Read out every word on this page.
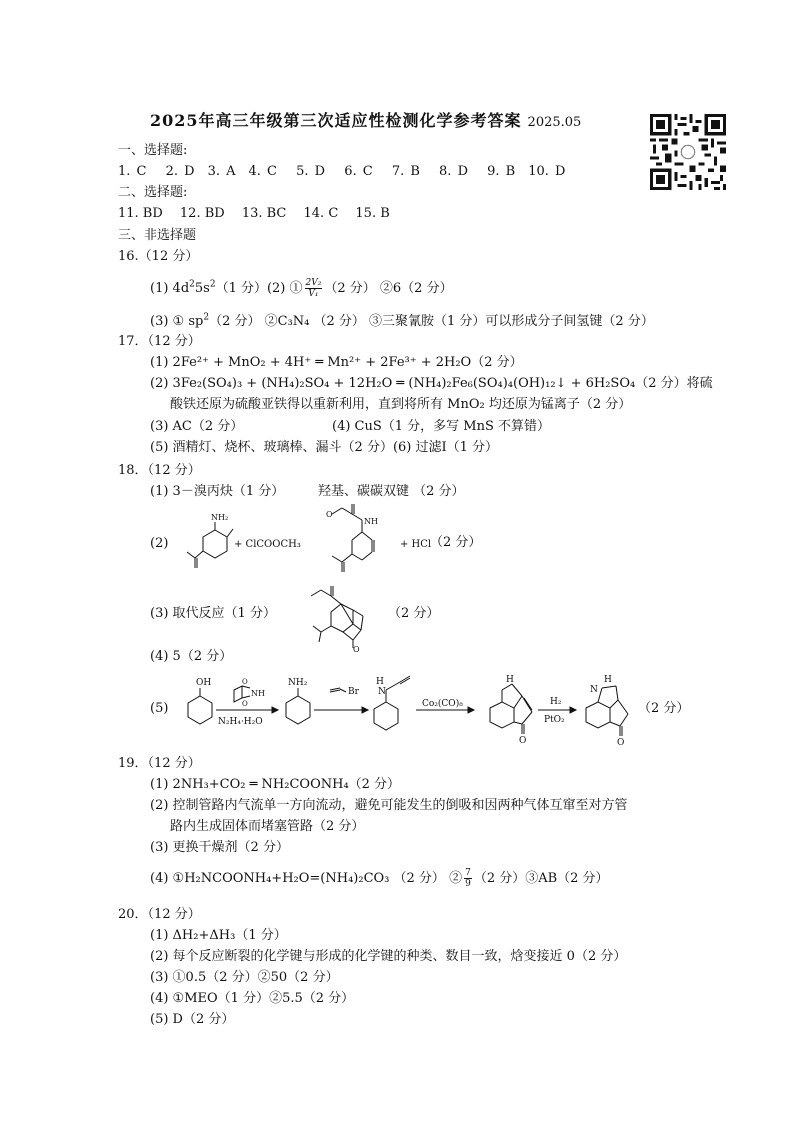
2025年高三年级第三次适应性检测化学参考答案 2025.05
一、选择题:
1. C　 2. D　3. A　4. C　 5. D　 6. C　 7. B　 8. D　 9. B　10. D
二、选择题:
11. BD　 12. BD　 13. BC　 14. C　 15. B
三、非选择题
16.（12 分）
(1) $4d^25s^2(1$ 分）(2) ① $\frac{\text{2V₂}}{\text{V₁}} (2$ 分） ②6（2 分）
(3) ① $sp^2(2$ 分） ②C₃N₄ （2 分） ③三聚氰胺（1 分）可以形成分子间氢键（2 分）
17．（12 分）
(1) 2Fe²⁺ + MnO₂ + 4H⁺ ═ Mn²⁺ + 2Fe³⁺ + 2H₂O（2 分）
(2) 3Fe₂(SO₄)₃ + (NH₄)₂SO₄ + 12H₂O ═ (NH₄)₂Fe₆(SO₄)₄(OH)₁₂↓ + 6H₂SO₄（2 分）将硫
酸铁还原为硫酸亚铁得以重新利用，直到将所有 MnO₂ 均还原为锰离子（2 分）
(3) AC（2 分）	(4) CuS（1 分，多写 MnS 不算错）
(5) 酒精灯、烧杯、玻璃棒、漏斗（2 分）(6) 过滤Ⅰ（1 分）
18．（12 分）
(1) 3－溴丙炔（1 分）	羟基、碳碳双键 （2 分）
(2)
NH₂
+ ClCOOCH₃
O
NH
+ HCl
（2 分）
(3) 取代反应（1 分）
O
（2 分）
(4) 5（2 分）
(5)
OH	O
NH
O
N₂H₄·H₂O
NH₂
Br
H
N
Co₂(CO)₈
H
O
H₂
PtO₂
H
N
O
（2 分）
19．（12 分）
(1) 2NH₃+CO₂ ═ NH₂COONH₄（2 分）
(2) 控制管路内气流单一方向流动，避免可能发生的倒吸和因两种气体互窜至对方管
路内生成固体而堵塞管路（2 分）
(3) 更换干燥剂（2 分）
(4) ①H₂NCOONH₄+H₂O=(NH₄)₂CO₃ （2 分） ② $\frac{7}{9} (2$ 分）③AB（2 分）
20．（12 分）
(1) ΔH₂+ΔH₃（1 分）
(2) 每个反应断裂的化学键与形成的化学键的种类、数目一致，焓变接近 0（2 分）
(3) ①0.5（2 分）②50（2 分）
(4) ①MEO（1 分）②5.5（2 分）
(5) D（2 分）
